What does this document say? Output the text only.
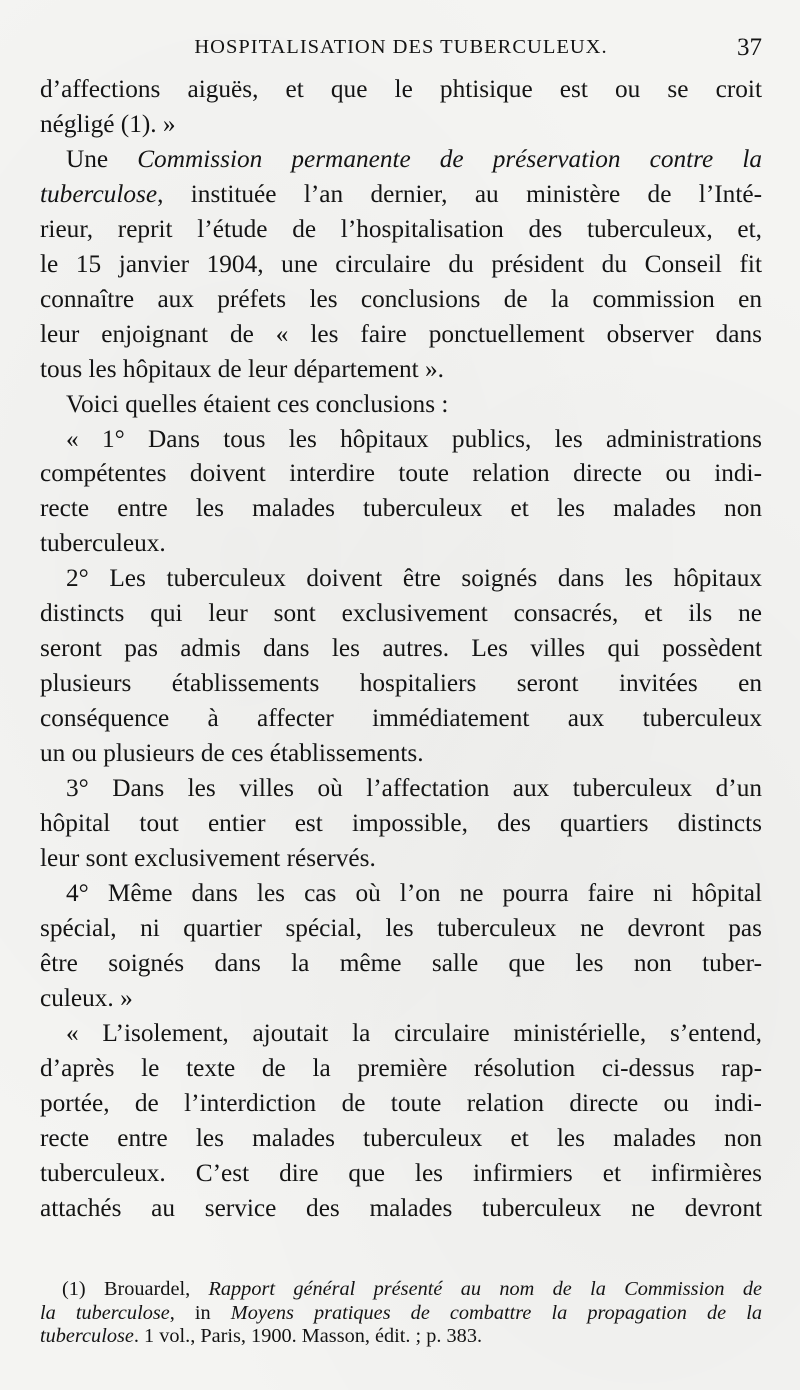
HOSPITALISATION DES TUBERCULEUX.	37

d’affections aiguës, et que le phtisique est ou se croit
négligé (1). »

Une Commission permanente de préservation contre la
tuberculose, instituée l’an dernier, au ministère de l’Inté-
rieur, reprit l’étude de l’hospitalisation des tuberculeux, et,
le 15 janvier 1904, une circulaire du président du Conseil fit
connaître aux préfets les conclusions de la commission en
leur enjoignant de « les faire ponctuellement observer dans
tous les hôpitaux de leur département ».

Voici quelles étaient ces conclusions :

« 1° Dans tous les hôpitaux publics, les administrations
compétentes doivent interdire toute relation directe ou indi-
recte entre les malades tuberculeux et les malades non
tuberculeux.

2° Les tuberculeux doivent être soignés dans les hôpitaux
distincts qui leur sont exclusivement consacrés, et ils ne
seront pas admis dans les autres. Les villes qui possèdent
plusieurs établissements hospitaliers seront invitées en
conséquence à affecter immédiatement aux tuberculeux
un ou plusieurs de ces établissements.

3° Dans les villes où l’affectation aux tuberculeux d’un
hôpital tout entier est impossible, des quartiers distincts
leur sont exclusivement réservés.

4° Même dans les cas où l’on ne pourra faire ni hôpital
spécial, ni quartier spécial, les tuberculeux ne devront pas
être soignés dans la même salle que les non tuber-
culeux. »

« L’isolement, ajoutait la circulaire ministérielle, s’entend,
d’après le texte de la première résolution ci-dessus rap-
portée, de l’interdiction de toute relation directe ou indi-
recte entre les malades tuberculeux et les malades non
tuberculeux. C’est dire que les infirmiers et infirmières
attachés au service des malades tuberculeux ne devront

(1) Brouardel, Rapport général présenté au nom de la Commission de
la tuberculose, in Moyens pratiques de combattre la propagation de la
tuberculose. 1 vol., Paris, 1900. Masson, édit. ; p. 383.
